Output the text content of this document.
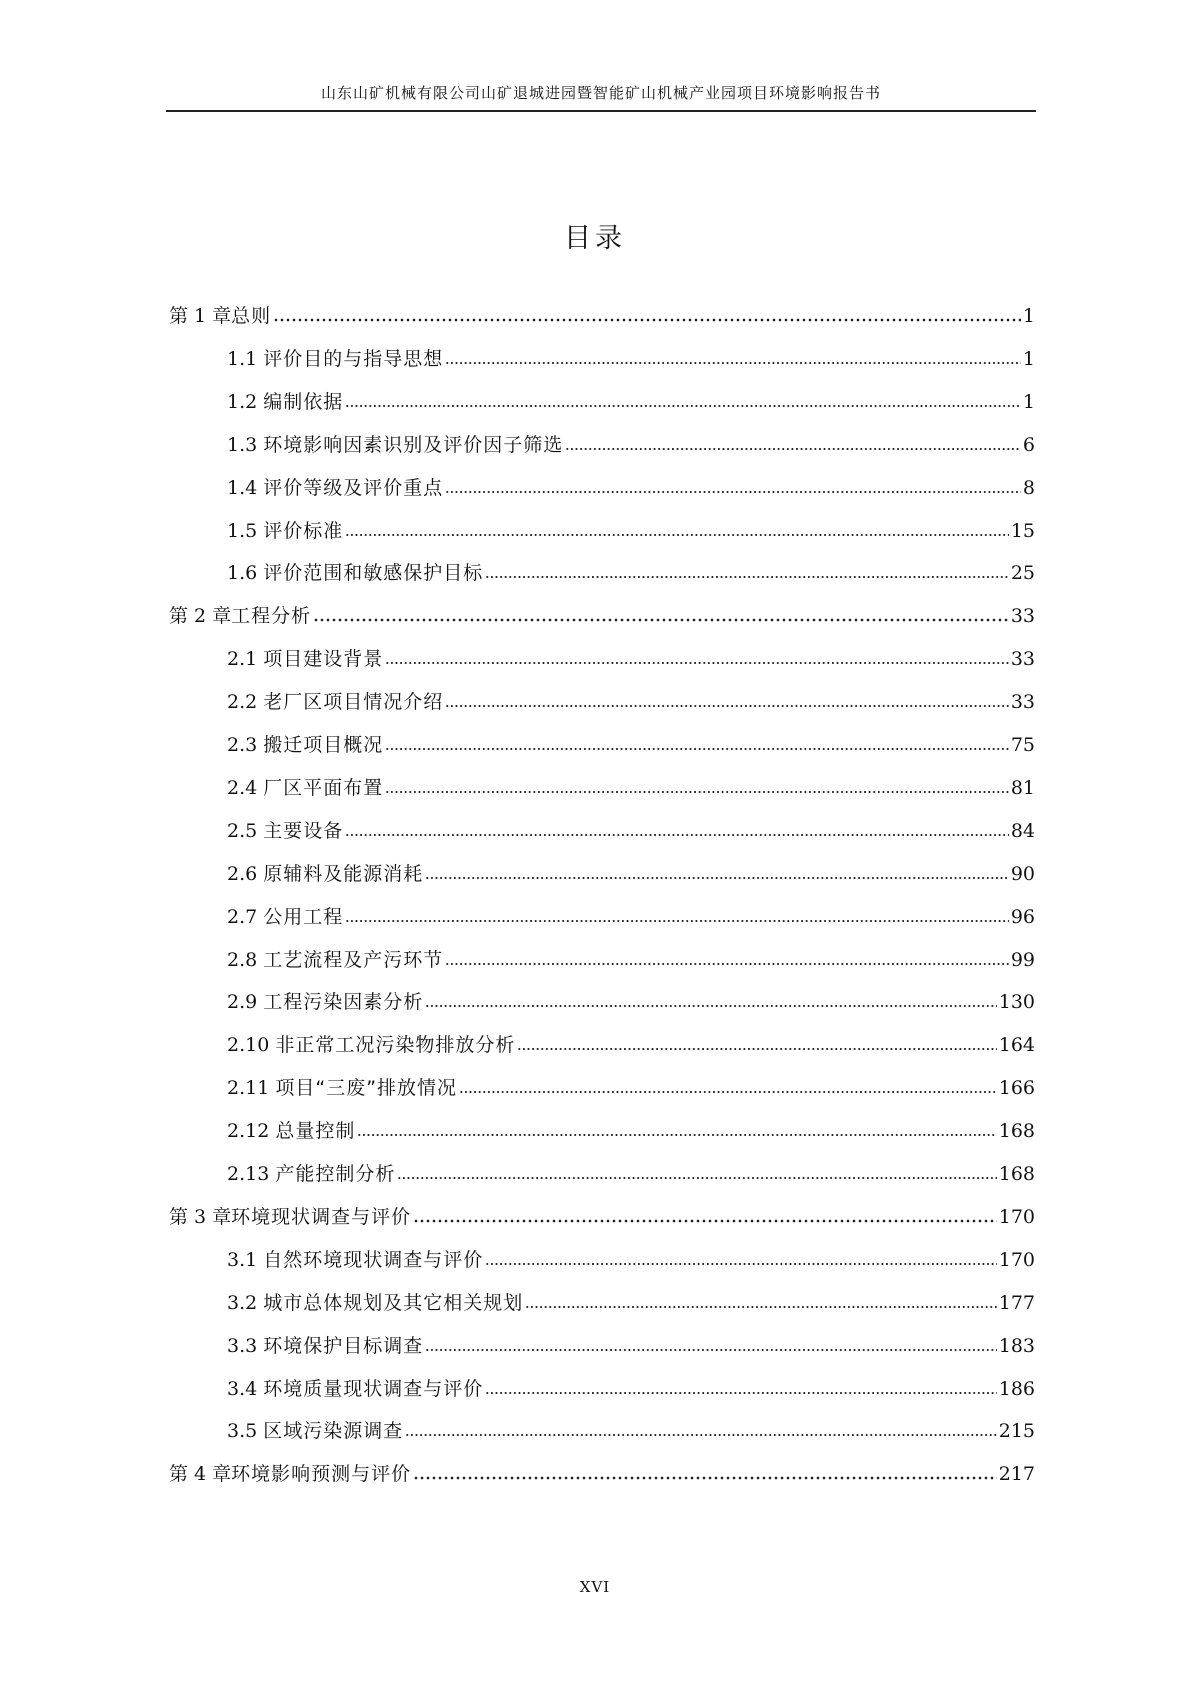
山东山矿机械有限公司山矿退城进园暨智能矿山机械产业园项目环境影响报告书
目录
第 1 章总则	1
1.1 评价目的与指导思想	1
1.2 编制依据	1
1.3 环境影响因素识别及评价因子筛选	6
1.4 评价等级及评价重点	8
1.5 评价标准	15
1.6 评价范围和敏感保护目标	25
第 2 章工程分析	33
2.1 项目建设背景	33
2.2 老厂区项目情况介绍	33
2.3 搬迁项目概况	75
2.4 厂区平面布置	81
2.5 主要设备	84
2.6 原辅料及能源消耗	90
2.7 公用工程	96
2.8 工艺流程及产污环节	99
2.9 工程污染因素分析	130
2.10 非正常工况污染物排放分析	164
2.11 项目“三废”排放情况	166
2.12 总量控制	168
2.13 产能控制分析	168
第 3 章环境现状调查与评价	170
3.1 自然环境现状调查与评价	170
3.2 城市总体规划及其它相关规划	177
3.3 环境保护目标调查	183
3.4 环境质量现状调查与评价	186
3.5 区域污染源调查	215
第 4 章环境影响预测与评价	217
XVI
